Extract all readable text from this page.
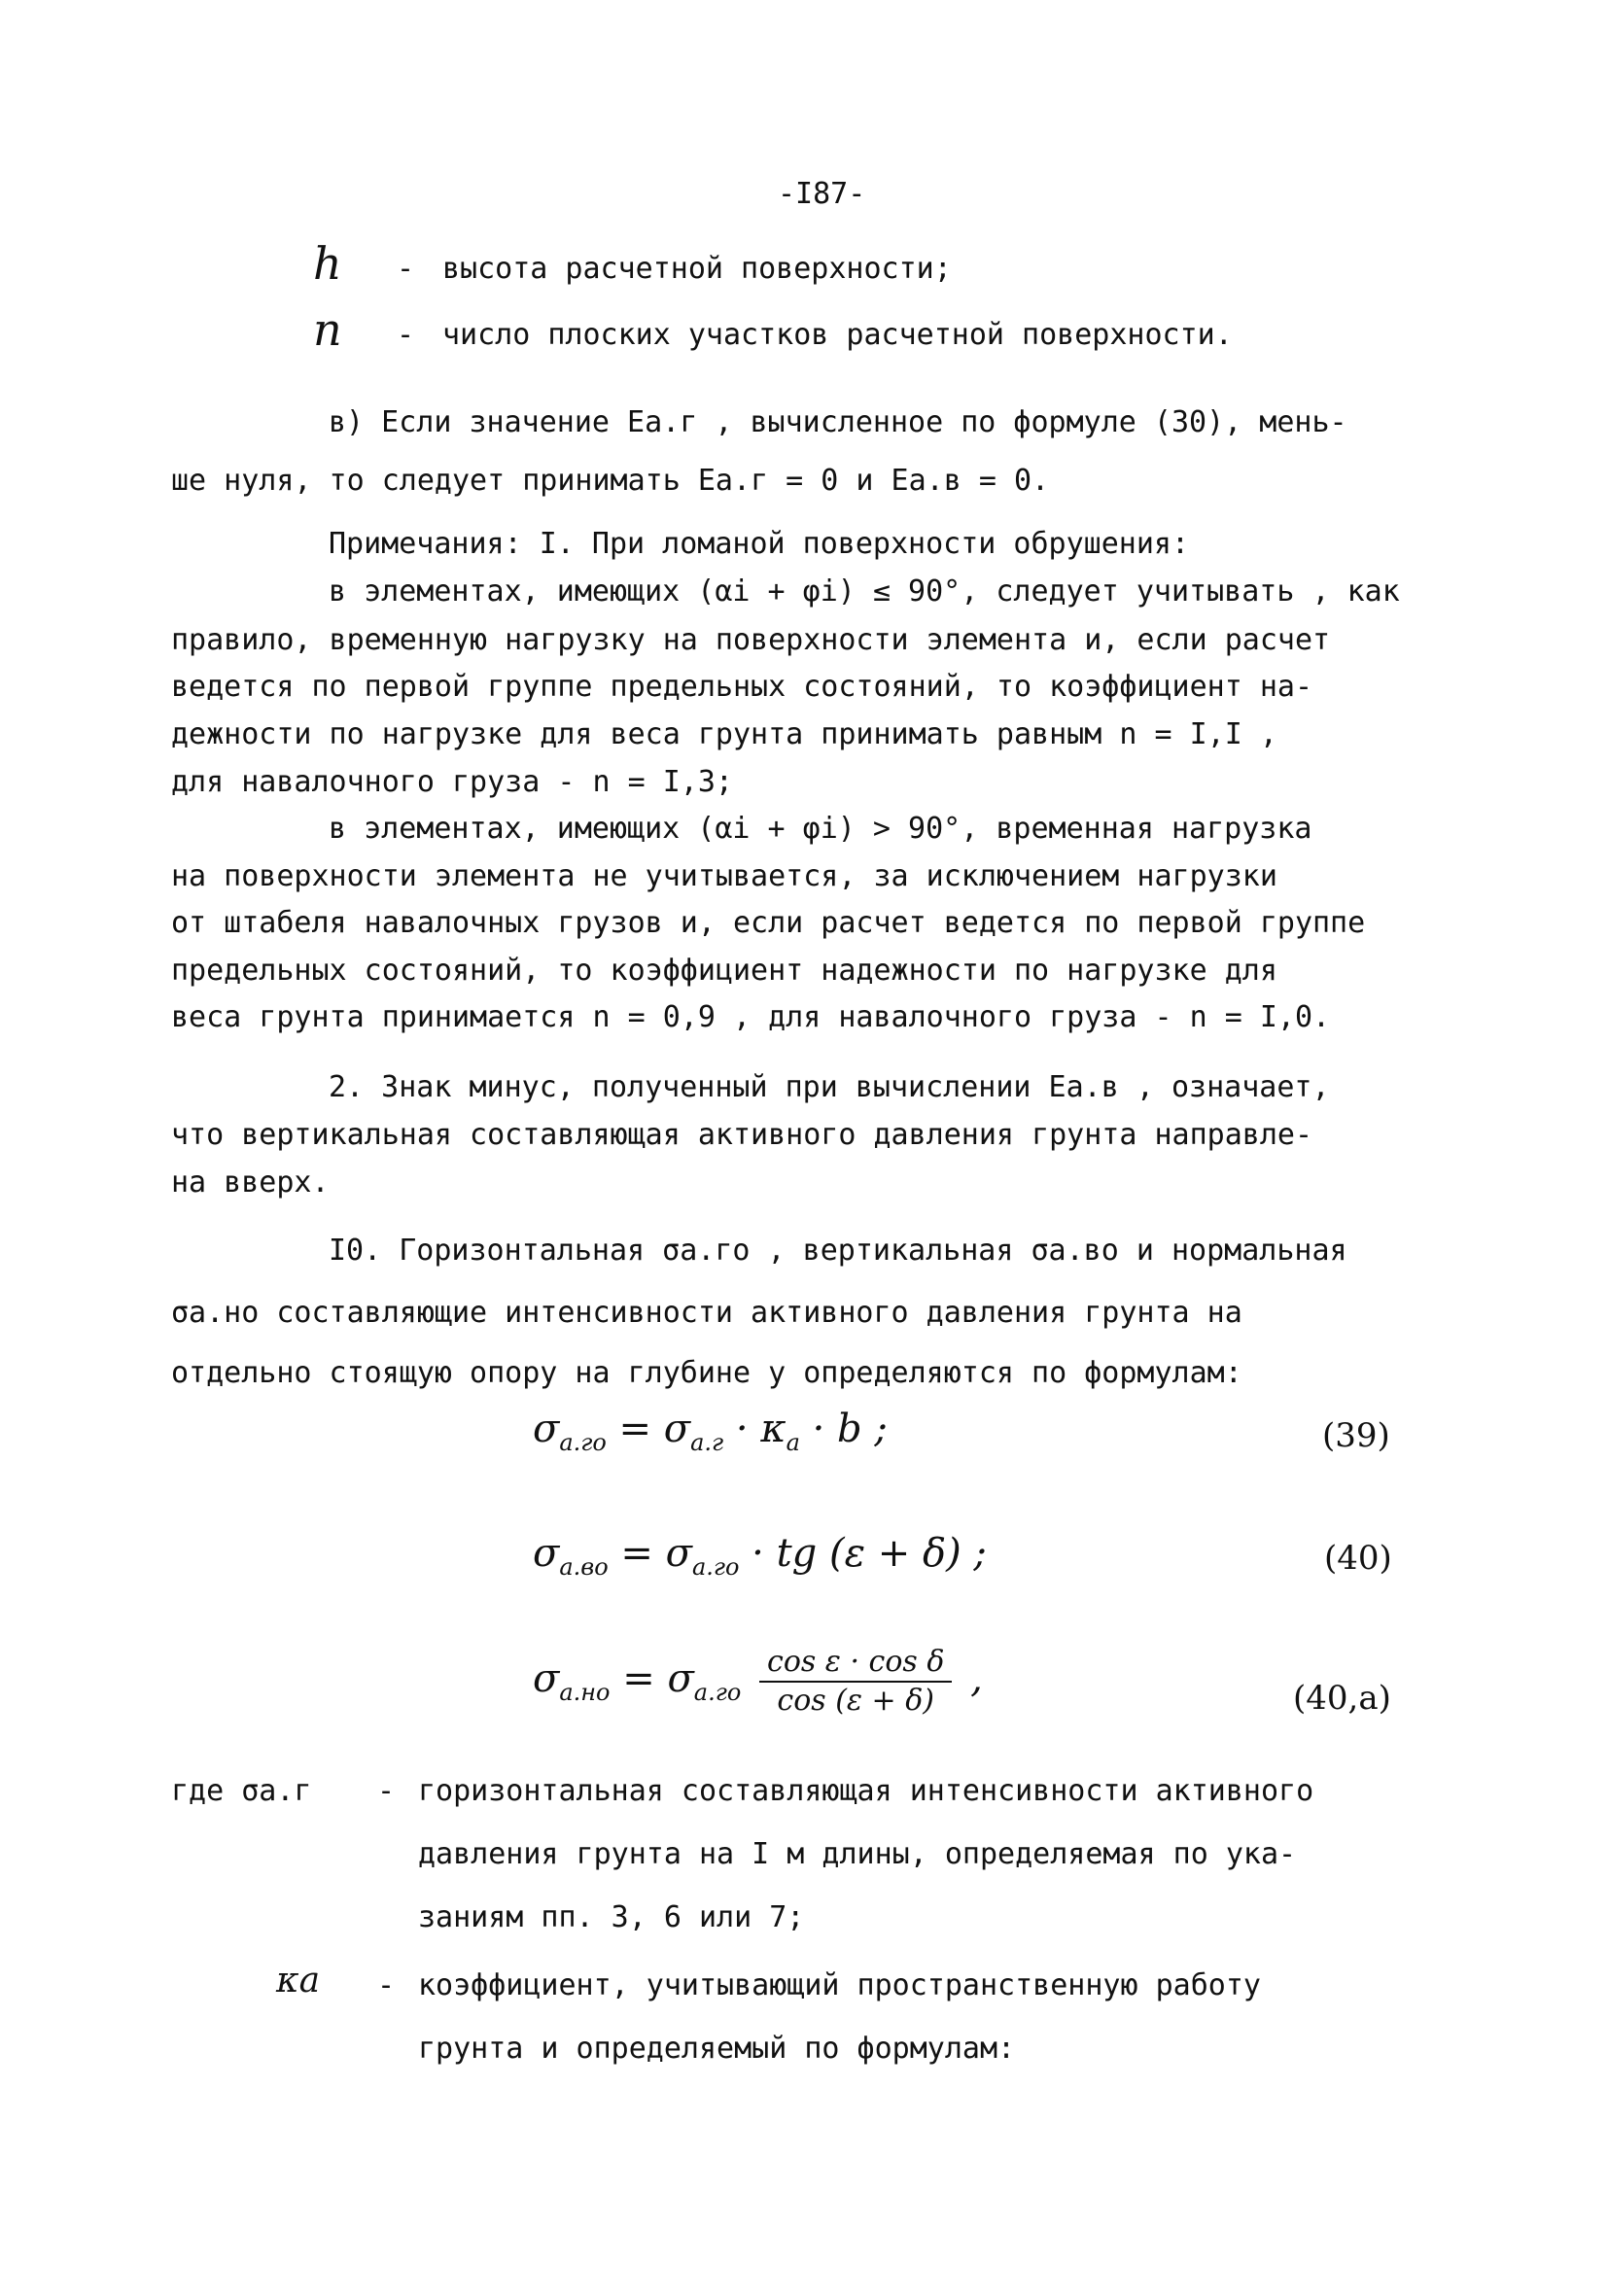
-I87-
h - высота расчетной поверхности;
n - число плоских участков расчетной поверхности.
в) Если значение Eа.г , вычисленное по формуле (30), мень-
ше нуля, то следует принимать Eа.г = 0 и Eа.в = 0.
Примечания: I. При ломаной поверхности обрушения:
в элементах, имеющих (αi + φi) ≤ 90°, следует учитывать , как
правило, временную нагрузку на поверхности элемента и, если расчет
ведется по первой группе предельных состояний, то коэффициент на-
дежности по нагрузке для веса грунта принимать равным n = I,I ,
для навалочного груза - n = I,3;
в элементах, имеющих (αi + φi) > 90°, временная нагрузка
на поверхности элемента не учитывается, за исключением нагрузки
от штабеля навалочных грузов и, если расчет ведется по первой группе
предельных состояний, то коэффициент надежности по нагрузке для
веса грунта принимается n = 0,9 , для навалочного груза - n = I,0.
2. Знак минус, полученный при вычислении Eа.в , означает,
что вертикальная составляющая активного давления грунта направле-
на вверх.
I0. Горизонтальная σа.го , вертикальная σа.во и нормальная
σа.но составляющие интенсивности активного давления грунта на
отдельно стоящую опору на глубине y определяются по формулам:
$\sigma_{а.го} = \sigma_{а.г} \cdot \kappa_а \cdot b$ ;	(39)
$\sigma_{а.во} = \sigma_{а.го}$ · tg (ε + δ) ;	(40)
$\sigma_{а.но} = \sigma_{а.го} \frac{\text{cos ε · cos δ}}{\cos (\varepsilon + \delta)}$ ,	(40,а)
где σа.г - горизонтальная составляющая интенсивности активного
давления грунта на I м длины, определяемая по ука-
заниям пп. 3, 6 или 7;
κа - коэффициент, учитывающий пространственную работу
грунта и определяемый по формулам:
